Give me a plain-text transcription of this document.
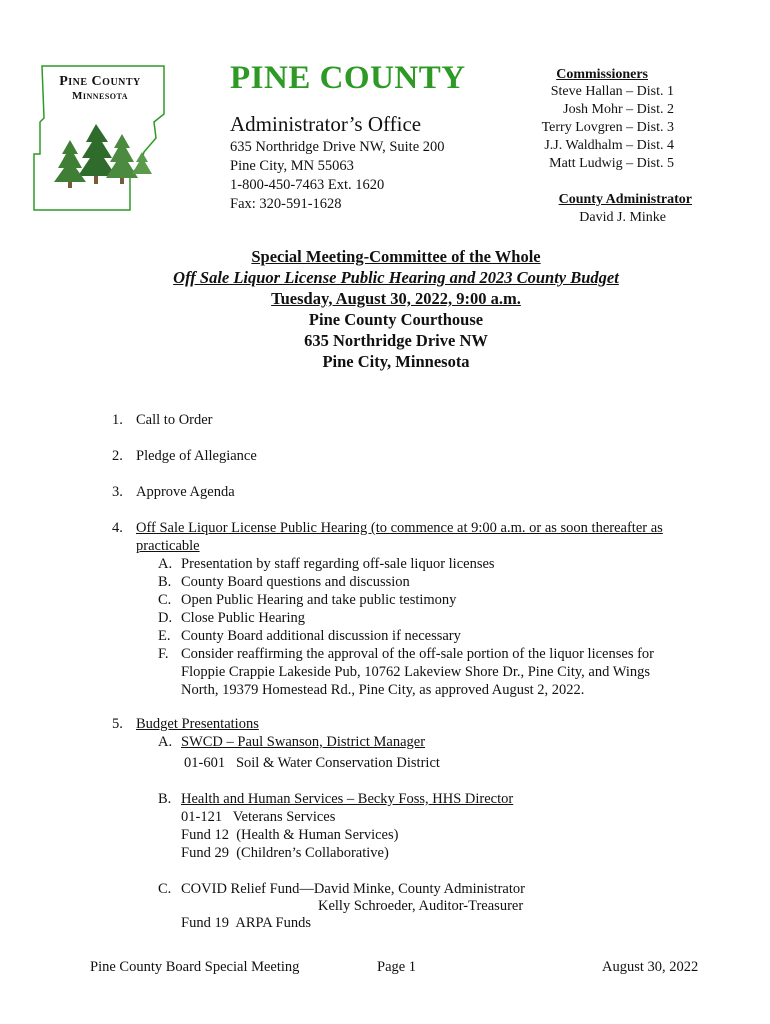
Pine County
Minnesota	PINE COUNTY
Administrator’s Office
635 Northridge Drive NW, Suite 200
Pine City, MN 55063
1-800-450-7463 Ext. 1620
Fax: 320-591-1628
Commissioners
Steve Hallan – Dist. 1
Josh Mohr – Dist. 2
Terry Lovgren – Dist. 3
J.J. Waldhalm – Dist. 4
Matt Ludwig – Dist. 5
County Administrator
David J. Minke
Special Meeting-Committee of the Whole
Off Sale Liquor License Public Hearing and 2023 County Budget
Tuesday, August 30, 2022, 9:00 a.m.
Pine County Courthouse
635 Northridge Drive NW
Pine City, Minnesota
1. Call to Order
2. Pledge of Allegiance
3. Approve Agenda
4. Off Sale Liquor License Public Hearing (to commence at 9:00 a.m. or as soon thereafter as
practicable
A. Presentation by staff regarding off-sale liquor licenses
B. County Board questions and discussion
C. Open Public Hearing and take public testimony
D. Close Public Hearing
E. County Board additional discussion if necessary
F. Consider reaffirming the approval of the off-sale portion of the liquor licenses for
Floppie Crappie Lakeside Pub, 10762 Lakeview Shore Dr., Pine City, and Wings
North, 19379 Homestead Rd., Pine City, as approved August 2, 2022.
5. Budget Presentations
A. SWCD – Paul Swanson, District Manager
01-601   Soil & Water Conservation District
B. Health and Human Services – Becky Foss, HHS Director
01-121   Veterans Services
Fund 12  (Health & Human Services)
Fund 29  (Children’s Collaborative)
C. COVID Relief Fund—David Minke, County Administrator
Kelly Schroeder, Auditor-Treasurer
Fund 19  ARPA Funds
Pine County Board Special Meeting	Page 1	August 30, 2022
